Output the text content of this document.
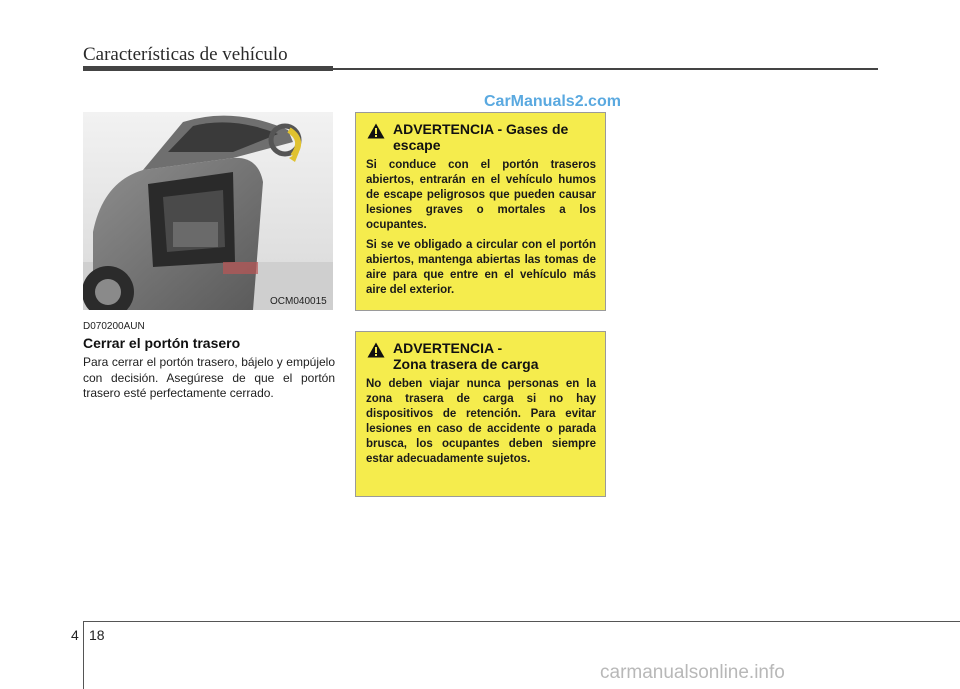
Características de vehículo
CarManuals2.com
OCM040015
D070200AUN
Cerrar el portón trasero

Para cerrar el portón trasero, bájelo y empújelo con decisión. Asegúrese de que el portón trasero esté perfectamente cerrado.

ADVERTENCIA - Gases de
escape

Si conduce con el portón traseros abiertos, entrarán en el vehículo humos de escape peligrosos que pueden causar lesiones graves o mortales a los ocupantes.

Si se ve obligado a circular con el portón abiertos, mantenga abiertas las tomas de aire para que entre en el vehículo más aire del exterior.

ADVERTENCIA -
Zona trasera de carga

No deben viajar nunca personas en la zona trasera de carga si no hay dispositivos de retención. Para evitar lesiones en caso de accidente o parada brusca, los ocupantes deben siempre estar adecuadamente sujetos.

4 18
carmanualsonline.info
